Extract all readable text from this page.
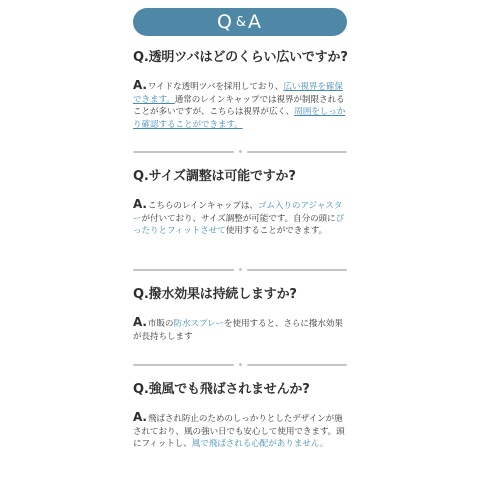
Q & A
Q.透明ツバはどのくらい広いですか?
A.ワイドな透明ツバを採用しており、広い視界を確保できます。通常のレインキャップでは視界が制限されることが多いですが、こちらは視界が広く、周囲をしっかり確認することができます。
Q.サイズ調整は可能ですか?
A.こちらのレインキャップは、ゴム入りのアジャスターが付いており、サイズ調整が可能です。自分の頭にぴったりとフィットさせて使用することができます。
Q.撥水効果は持続しますか?
A.市販の防水スプレーを使用すると、さらに撥水効果が長持ちします
Q.強風でも飛ばされませんか?
A.飛ばされ防止のためのしっかりとしたデザインが施されており、風の強い日でも安心して使用できます。頭にフィットし、風で飛ばされる心配がありません。
